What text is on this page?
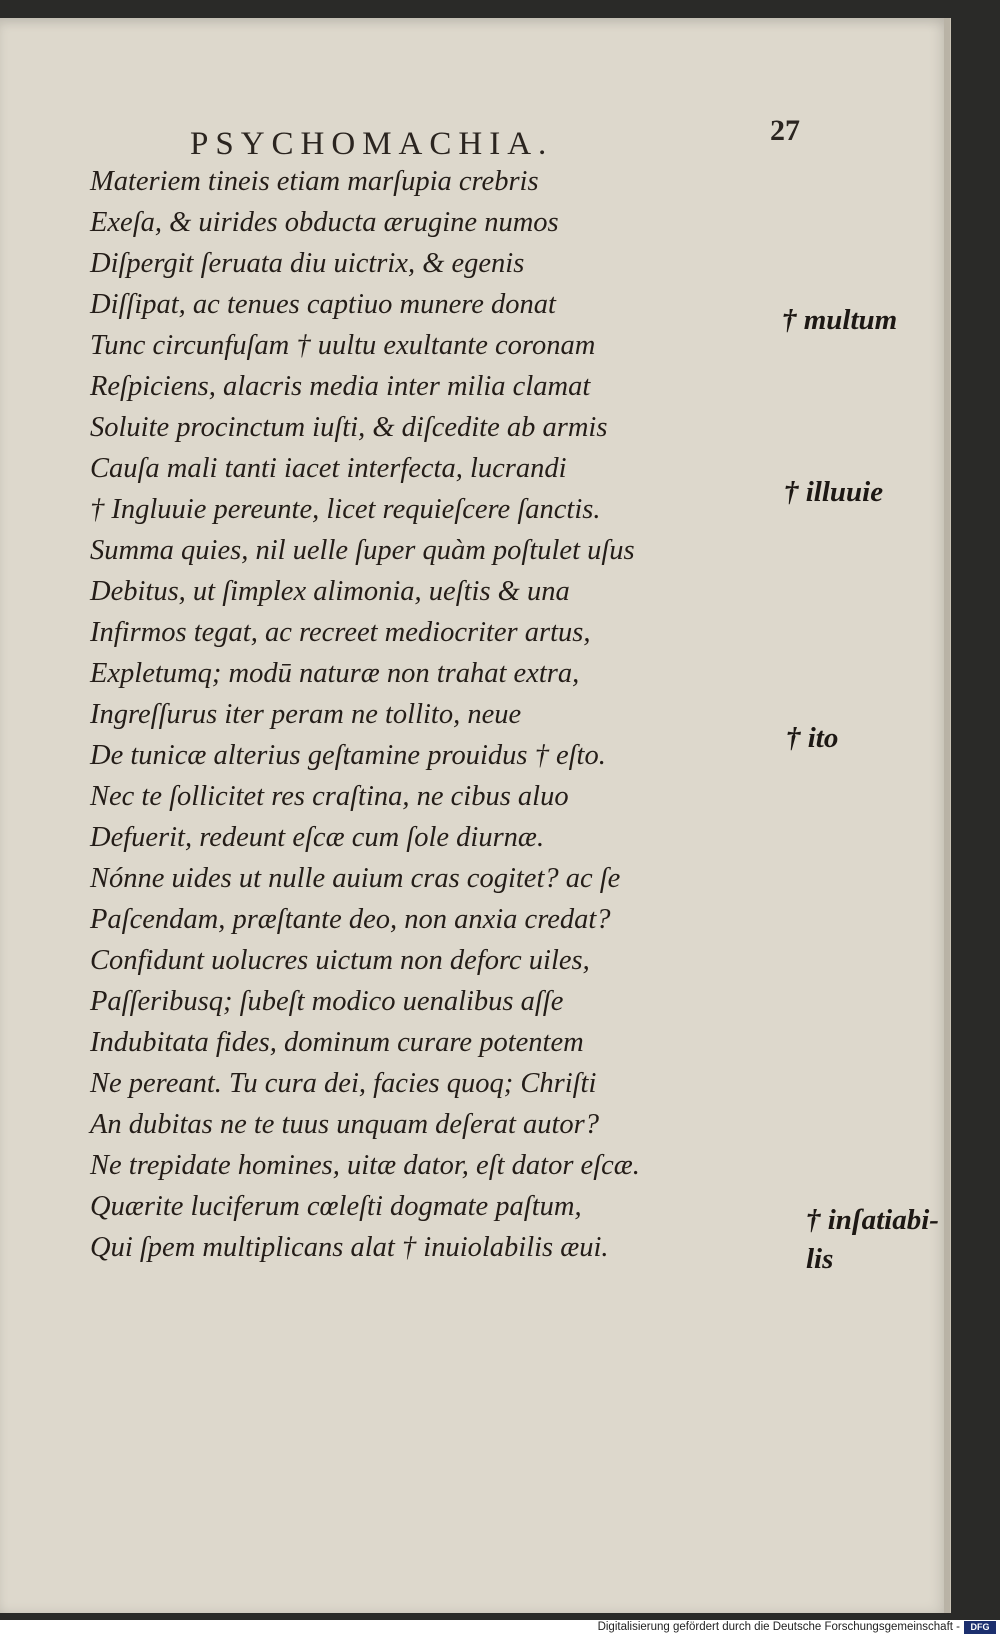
PSYCHOMACHIA.	27
Materiem tineis etiam marſupia crebris
Exeſa, & uirides obducta ærugine numos
Diſpergit ſeruata diu uictrix, & egenis
Diſſipat, ac tenues captiuo munere donat
Tunc circunfuſam † uultu exultante coronam
Reſpiciens, alacris media inter milia clamat
Soluite procinctum iuſti, & diſcedite ab armis
Cauſa mali tanti iacet interfecta, lucrandi
† Ingluuie pereunte, licet requieſcere ſanctis.
Summa quies, nil uelle ſuper quàm poſtulet uſus
Debitus, ut ſimplex alimonia, ueſtis & una
Infirmos tegat, ac recreet mediocriter artus,
Expletumq; modū naturæ non trahat extra,
Ingreſſurus iter peram ne tollito, neue
De tunicæ alterius geſtamine prouidus † eſto.
Nec te ſollicitet res craſtina, ne cibus aluo
Defuerit, redeunt eſcæ cum ſole diurnæ.
Nónne uides ut nulle auium cras cogitet? ac ſe
Paſcendam, præſtante deo, non anxia credat?
Confidunt uolucres uictum non deforc uiles,
Paſſeribusq; ſubeſt modico uenalibus aſſe
Indubitata fides, dominum curare potentem
Ne pereant. Tu cura dei, facies quoq; Chriſti
An dubitas ne te tuus unquam deſerat autor?
Ne trepidate homines, uitæ dator, eſt dator eſcæ.
Quærite luciferum cœleſti dogmate paſtum,
Qui ſpem multiplicans alat † inuiolabilis æui.
† multum
† illuuie
† ito
† inſatiabi-
lis
Digitalisierung gefördert durch die Deutsche Forschungsgemeinschaft -	DFG
